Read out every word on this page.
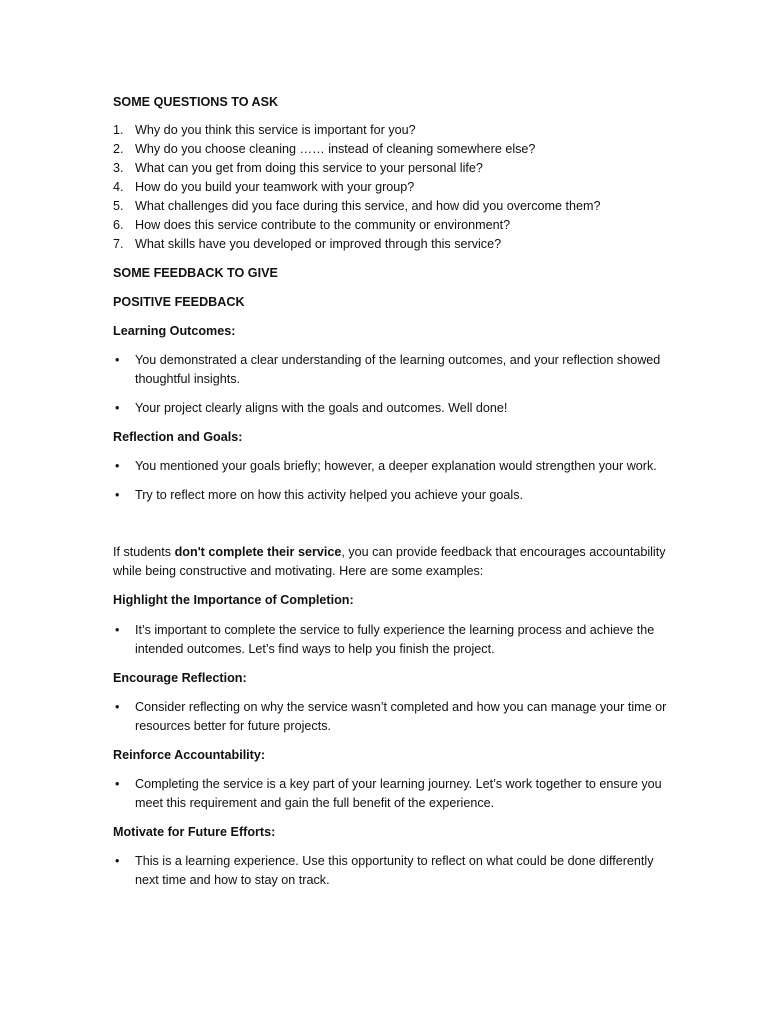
SOME QUESTIONS TO ASK

1. Why do you think this service is important for you?
2. Why do you choose cleaning …… instead of cleaning somewhere else?
3. What can you get from doing this service to your personal life?
4. How do you build your teamwork with your group?
5. What challenges did you face during this service, and how did you overcome them?
6. How does this service contribute to the community or environment?
7. What skills have you developed or improved through this service?

SOME FEEDBACK TO GIVE

POSITIVE FEEDBACK

Learning Outcomes:

• You demonstrated a clear understanding of the learning outcomes, and your reflection showed thoughtful insights.
• Your project clearly aligns with the goals and outcomes. Well done!

Reflection and Goals:

• You mentioned your goals briefly; however, a deeper explanation would strengthen your work.
• Try to reflect more on how this activity helped you achieve your goals.

If students don't complete their service, you can provide feedback that encourages accountability while being constructive and motivating. Here are some examples:

Highlight the Importance of Completion:

• It’s important to complete the service to fully experience the learning process and achieve the intended outcomes. Let’s find ways to help you finish the project.

Encourage Reflection:

• Consider reflecting on why the service wasn’t completed and how you can manage your time or resources better for future projects.

Reinforce Accountability:

• Completing the service is a key part of your learning journey. Let’s work together to ensure you meet this requirement and gain the full benefit of the experience.

Motivate for Future Efforts:

• This is a learning experience. Use this opportunity to reflect on what could be done differently next time and how to stay on track.
